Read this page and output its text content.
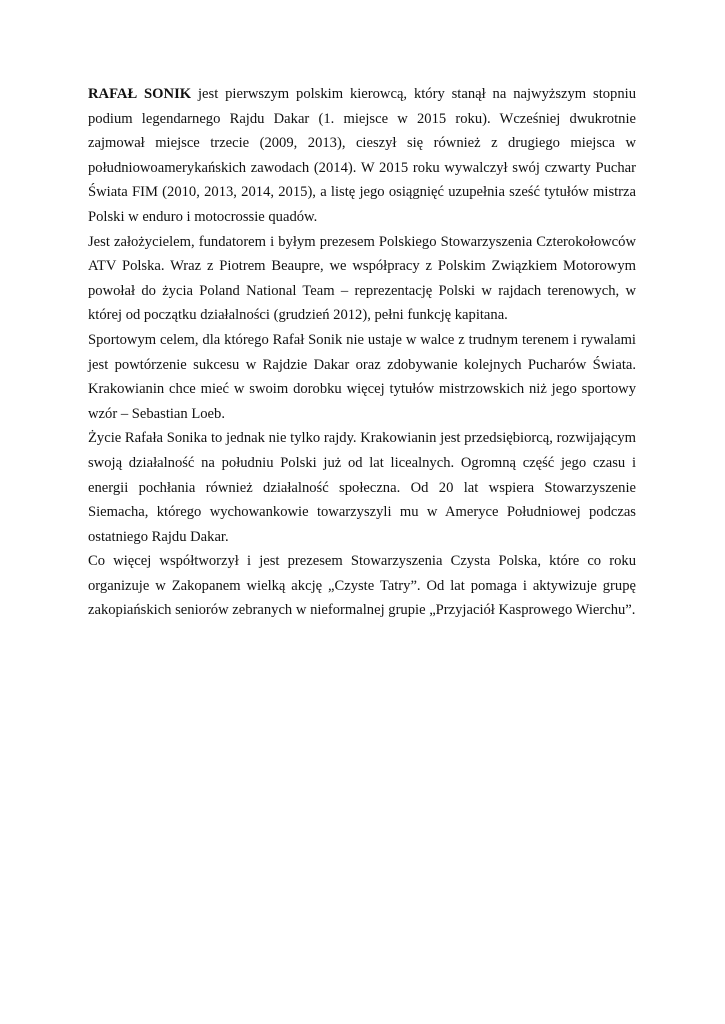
RAFAŁ SONIK jest pierwszym polskim kierowcą, który stanął na najwyższym stopniu podium legendarnego Rajdu Dakar (1. miejsce w 2015 roku). Wcześniej dwukrotnie zajmował miejsce trzecie (2009, 2013), cieszył się również z drugiego miejsca w południowoamerykańskich zawodach (2014). W 2015 roku wywalczył swój czwarty Puchar Świata FIM (2010, 2013, 2014, 2015), a listę jego osiągnięć uzupełnia sześć tytułów mistrza Polski w enduro i motocrossie quadów.

Jest założycielem, fundatorem i byłym prezesem Polskiego Stowarzyszenia Czterokołowców ATV Polska. Wraz z Piotrem Beaupre, we współpracy z Polskim Związkiem Motorowym powołał do życia Poland National Team – reprezentację Polski w rajdach terenowych, w której od początku działalności (grudzień 2012), pełni funkcję kapitana.

Sportowym celem, dla którego Rafał Sonik nie ustaje w walce z trudnym terenem i rywalami jest powtórzenie sukcesu w Rajdzie Dakar oraz zdobywanie kolejnych Pucharów Świata. Krakowianin chce mieć w swoim dorobku więcej tytułów mistrzowskich niż jego sportowy wzór – Sebastian Loeb.

Życie Rafała Sonika to jednak nie tylko rajdy. Krakowianin jest przedsiębiorcą, rozwijającym swoją działalność na południu Polski już od lat licealnych. Ogromną część jego czasu i energii pochłania również działalność społeczna. Od 20 lat wspiera Stowarzyszenie Siemacha, którego wychowankowie towarzyszyli mu w Ameryce Południowej podczas ostatniego Rajdu Dakar.

Co więcej współtworzył i jest prezesem Stowarzyszenia Czysta Polska, które co roku organizuje w Zakopanem wielką akcję „Czyste Tatry”. Od lat pomaga i aktywizuje grupę zakopiańskich seniorów zebranych w nieformalnej grupie „Przyjaciół Kasprowego Wierchu”.
